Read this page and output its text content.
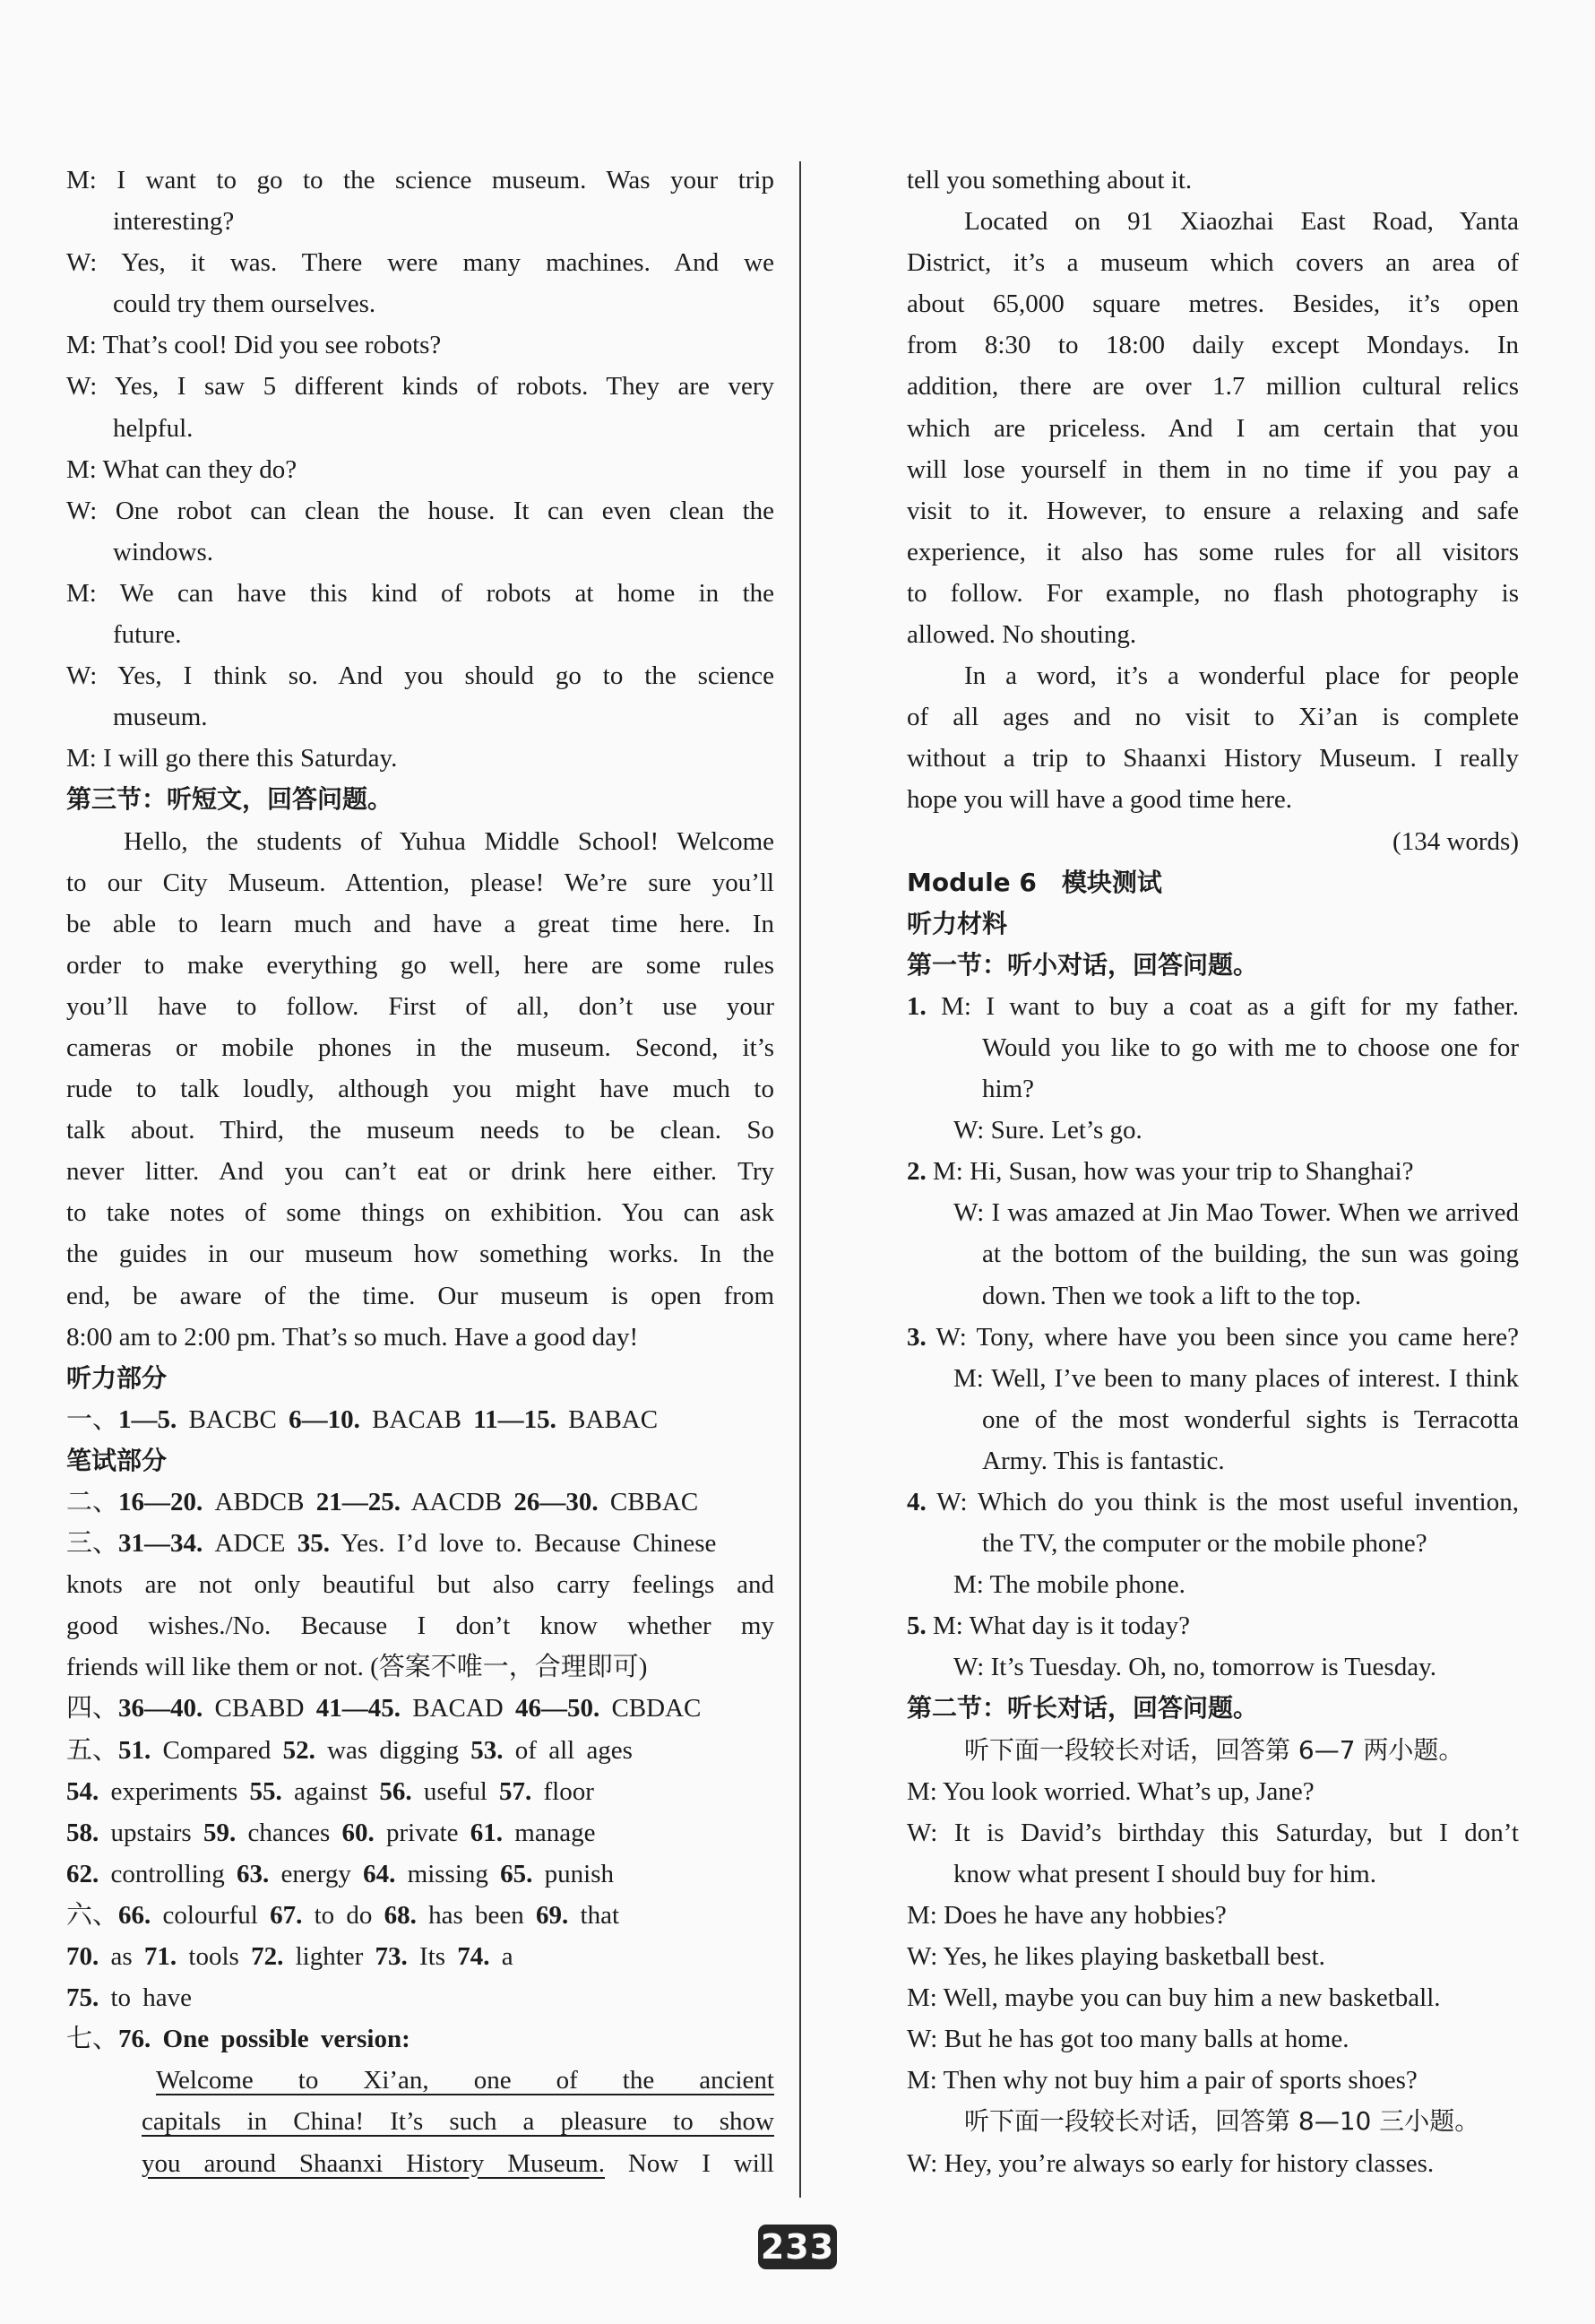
M: I want to go to the science museum. Was your trip
interesting?
W: Yes, it was. There were many machines. And we
could try them ourselves.
M: That’s cool! Did you see robots?
W: Yes, I saw 5 different kinds of robots. They are very
helpful.
M: What can they do?
W: One robot can clean the house. It can even clean the
windows.
M: We can have this kind of robots at home in the
future.
W: Yes, I think so. And you should go to the science
museum.
M: I will go there this Saturday.
第三节：听短文，回答问题。
Hello, the students of Yuhua Middle School! Welcome
to our City Museum. Attention, please! We’re sure you’ll
be able to learn much and have a great time here. In
order to make everything go well, here are some rules
you’ll have to follow. First of all, don’t use your
cameras or mobile phones in the museum. Second, it’s
rude to talk loudly, although you might have much to
talk about. Third, the museum needs to be clean. So
never litter. And you can’t eat or drink here either. Try
to take notes of some things on exhibition. You can ask
the guides in our museum how something works. In the
end, be aware of the time. Our museum is open from
8:00 am to 2:00 pm. That’s so much. Have a good day!
听力部分
一、1—5. BACBC 6—10. BACAB 11—15. BABAC
笔试部分
二、16—20. ABDCB 21—25. AACDB 26—30. CBBAC
三、31—34. ADCE 35. Yes. I’d love to. Because Chinese
knots are not only beautiful but also carry feelings and
good wishes./No. Because I don’t know whether my
friends will like them or not. (答案不唯一，合理即可)
四、36—40. CBABD 41—45. BACAD 46—50. CBDAC
五、51. Compared 52. was digging 53. of all ages
54. experiments 55. against 56. useful 57. floor
58. upstairs 59. chances 60. private 61. manage
62. controlling 63. energy 64. missing 65. punish
六、66. colourful 67. to do 68. has been 69. that
70. as 71. tools 72. lighter 73. Its 74. a
75. to have
七、76. One possible version:
Welcome to Xi’an, one of the ancient
capitals in China! It’s such a pleasure to show
you around Shaanxi History Museum. Now I will
tell you something about it.
Located on 91 Xiaozhai East Road, Yanta
District, it’s a museum which covers an area of
about 65,000 square metres. Besides, it’s open
from 8:30 to 18:00 daily except Mondays. In
addition, there are over 1.7 million cultural relics
which are priceless. And I am certain that you
will lose yourself in them in no time if you pay a
visit to it. However, to ensure a relaxing and safe
experience, it also has some rules for all visitors
to follow. For example, no flash photography is
allowed. No shouting.
In a word, it’s a wonderful place for people
of all ages and no visit to Xi’an is complete
without a trip to Shaanxi History Museum. I really
hope you will have a good time here.
(134 words)
Module 6　模块测试
听力材料
第一节：听小对话，回答问题。
1. M: I want to buy a coat as a gift for my father.
Would you like to go with me to choose one for
him?
W: Sure. Let’s go.
2. M: Hi, Susan, how was your trip to Shanghai?
W: I was amazed at Jin Mao Tower. When we arrived
at the bottom of the building, the sun was going
down. Then we took a lift to the top.
3. W: Tony, where have you been since you came here?
M: Well, I’ve been to many places of interest. I think
one of the most wonderful sights is Terracotta
Army. This is fantastic.
4. W: Which do you think is the most useful invention,
the TV, the computer or the mobile phone?
M: The mobile phone.
5. M: What day is it today?
W: It’s Tuesday. Oh, no, tomorrow is Tuesday.
第二节：听长对话，回答问题。
听下面一段较长对话，回答第 6—7 两小题。
M: You look worried. What’s up, Jane?
W: It is David’s birthday this Saturday, but I don’t
know what present I should buy for him.
M: Does he have any hobbies?
W: Yes, he likes playing basketball best.
M: Well, maybe you can buy him a new basketball.
W: But he has got too many balls at home.
M: Then why not buy him a pair of sports shoes?
听下面一段较长对话，回答第 8—10 三小题。
W: Hey, you’re always so early for history classes.
233
